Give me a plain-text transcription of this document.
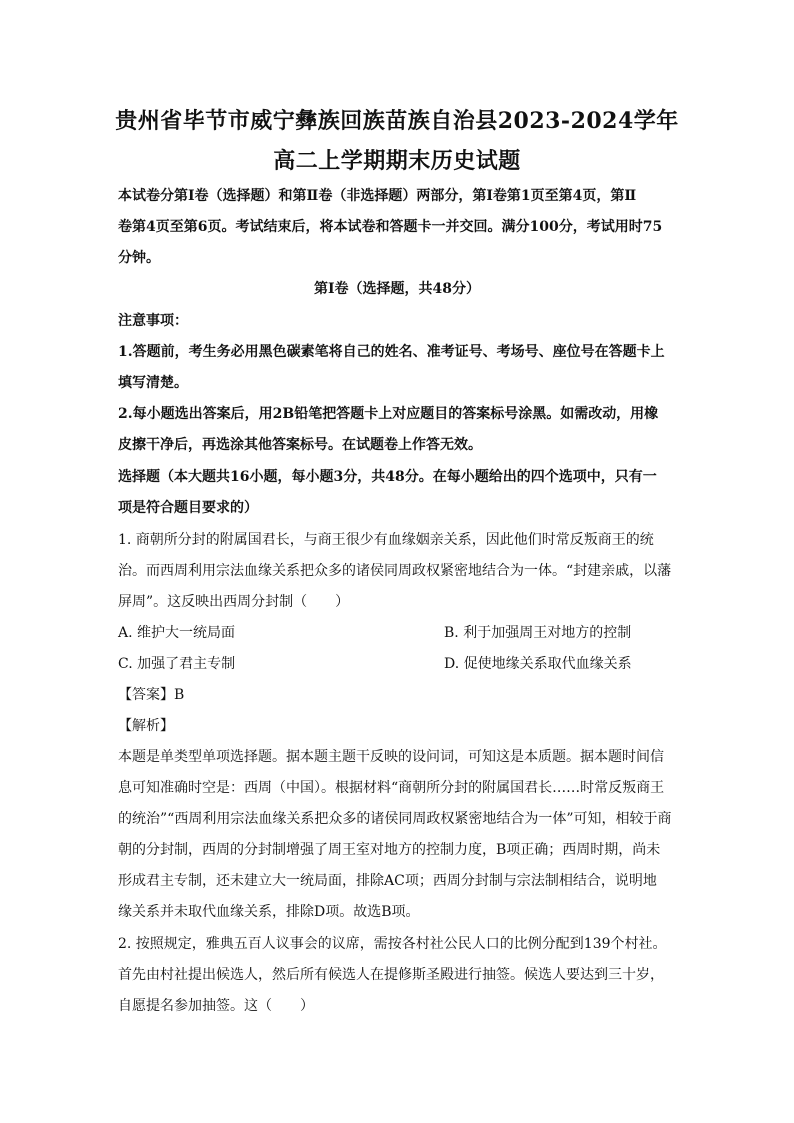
贵州省毕节市威宁彝族回族苗族自治县2023-2024学年
高二上学期期末历史试题
本试卷分第Ⅰ卷（选择题）和第Ⅱ卷（非选择题）两部分，第Ⅰ卷第1页至第4页，第Ⅱ
卷第4页至第6页。考试结束后，将本试卷和答题卡一并交回。满分100分，考试用时75
分钟。
第Ⅰ卷（选择题，共48分）
注意事项：
1.答题前，考生务必用黑色碳素笔将自己的姓名、准考证号、考场号、座位号在答题卡上
填写清楚。
2.每小题选出答案后，用2B铅笔把答题卡上对应题目的答案标号涂黑。如需改动，用橡
皮擦干净后，再选涂其他答案标号。在试题卷上作答无效。
选择题（本大题共16小题，每小题3分，共48分。在每小题给出的四个选项中，只有一
项是符合题目要求的）
1. 商朝所分封的附属国君长，与商王很少有血缘姻亲关系，因此他们时常反叛商王的统
治。而西周利用宗法血缘关系把众多的诸侯同周政权紧密地结合为一体。“封建亲戚，以藩
屏周”。这反映出西周分封制（　　）
A. 维护大一统局面	B. 利于加强周王对地方的控制
C. 加强了君主专制	D. 促使地缘关系取代血缘关系
【答案】B
【解析】
本题是单类型单项选择题。据本题主题干反映的设问词，可知这是本质题。据本题时间信
息可知准确时空是：西周（中国）。根据材料“商朝所分封的附属国君长……时常反叛商王
的统治”“西周利用宗法血缘关系把众多的诸侯同周政权紧密地结合为一体”可知，相较于商
朝的分封制，西周的分封制增强了周王室对地方的控制力度，B项正确；西周时期，尚未
形成君主专制，还未建立大一统局面，排除AC项；西周分封制与宗法制相结合，说明地
缘关系并未取代血缘关系，排除D项。故选B项。
2. 按照规定，雅典五百人议事会的议席，需按各村社公民人口的比例分配到139个村社。
首先由村社提出候选人，然后所有候选人在提修斯圣殿进行抽签。候选人要达到三十岁，
自愿提名参加抽签。这（　　）
